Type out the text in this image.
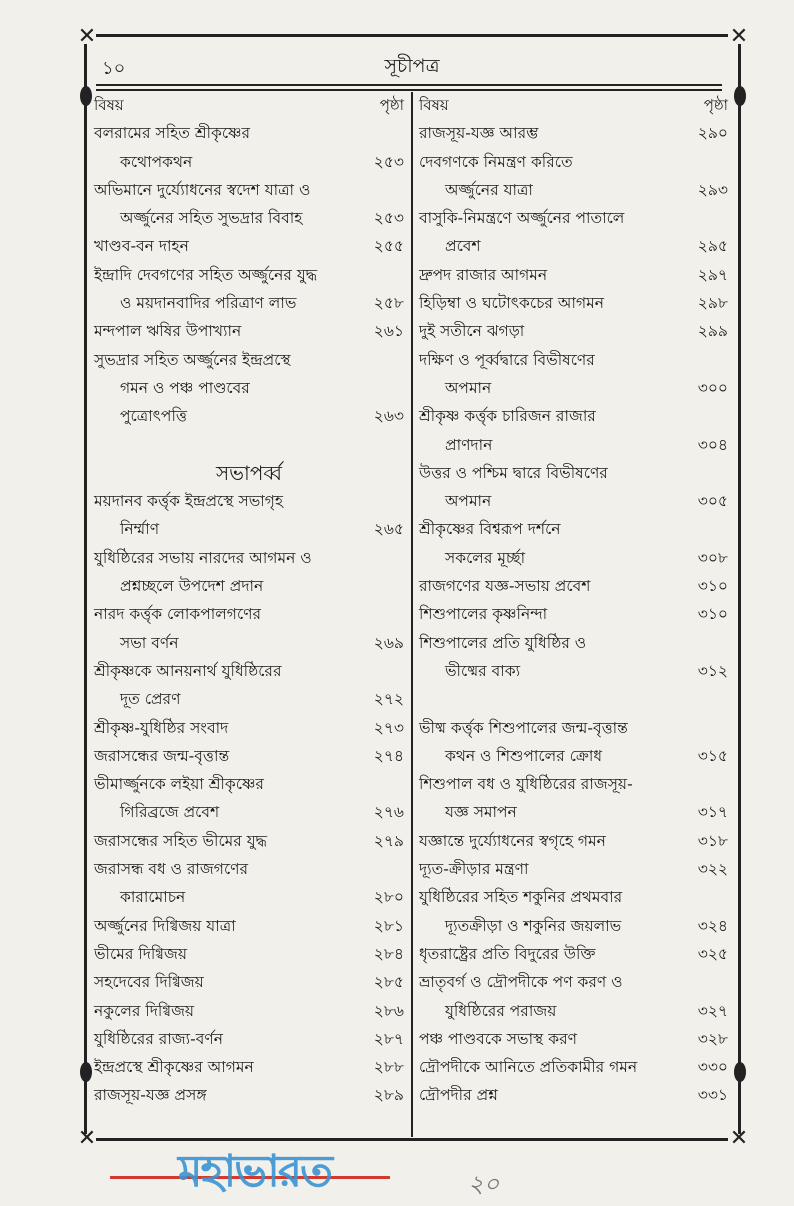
✕	✕
✕	✕
১০	সূচীপত্র
বিষয়	পৃষ্ঠা
বলরামের সহিত শ্রীকৃষ্ণের
কথোপকথন	২৫৩
অভিমানে দুর্য্যোধনের স্বদেশ যাত্রা ও
অর্জ্জুনের সহিত সুভদ্রার বিবাহ	২৫৩
খাণ্ডব-বন দাহন	২৫৫
ইন্দ্রাদি দেবগণের সহিত অর্জ্জুনের যুদ্ধ
ও ময়দানবাদির পরিত্রাণ লাভ	২৫৮
মন্দপাল ঋষির উপাখ্যান	২৬১
সুভদ্রার সহিত অর্জ্জুনের ইন্দ্রপ্রস্থে
গমন ও পঞ্চ পাণ্ডবের
পুত্রোৎপত্তি	২৬৩
সভাপর্ব্ব
ময়দানব কর্ত্তৃক ইন্দ্রপ্রস্থে সভাগৃহ
নির্ম্মাণ	২৬৫
যুধিষ্ঠিরের সভায় নারদের আগমন ও
প্রশ্নচ্ছলে উপদেশ প্রদান
নারদ কর্ত্তৃক লোকপালগণের
সভা বর্ণন	২৬৯
শ্রীকৃষ্ণকে আনয়নার্থ যুধিষ্ঠিরের
দূত প্রেরণ	২৭২
শ্রীকৃষ্ণ-যুধিষ্ঠির সংবাদ	২৭৩
জরাসন্ধের জন্ম-বৃত্তান্ত	২৭৪
ভীমার্জ্জুনকে লইয়া শ্রীকৃষ্ণের
গিরিব্রজে প্রবেশ	২৭৬
জরাসন্ধের সহিত ভীমের যুদ্ধ	২৭৯
জরাসন্ধ বধ ও রাজগণের
কারামোচন	২৮০
অর্জ্জুনের দিগ্বিজয় যাত্রা	২৮১
ভীমের দিগ্বিজয়	২৮৪
সহদেবের দিগ্বিজয়	২৮৫
নকুলের দিগ্বিজয়	২৮৬
যুধিষ্ঠিরের রাজ্য-বর্ণন	২৮৭
ইন্দ্রপ্রস্থে শ্রীকৃষ্ণের আগমন	২৮৮
রাজসূয়-যজ্ঞ প্রসঙ্গ	২৮৯
বিষয়	পৃষ্ঠা
রাজসূয়-যজ্ঞ আরম্ভ	২৯০
দেবগণকে নিমন্ত্রণ করিতে
অর্জ্জুনের যাত্রা	২৯৩
বাসুকি-নিমন্ত্রণে অর্জ্জুনের পাতালে
প্রবেশ	২৯৫
দ্রুপদ রাজার আগমন	২৯৭
হিড়িম্বা ও ঘটোৎকচের আগমন	২৯৮
দুই সতীনে ঝগড়া	২৯৯
দক্ষিণ ও পূর্ব্বদ্বারে বিভীষণের
অপমান	৩০০
শ্রীকৃষ্ণ কর্ত্তৃক চারিজন রাজার
প্রাণদান	৩০৪
উত্তর ও পশ্চিম দ্বারে বিভীষণের
অপমান	৩০৫
শ্রীকৃষ্ণের বিশ্বরূপ দর্শনে
সকলের মূর্চ্ছা	৩০৮
রাজগণের যজ্ঞ-সভায় প্রবেশ	৩১০
শিশুপালের কৃষ্ণনিন্দা	৩১০
শিশুপালের প্রতি যুধিষ্ঠির ও
ভীষ্মের বাক্য	৩১২
ভীষ্ম কর্ত্তৃক শিশুপালের জন্ম-বৃত্তান্ত
কথন ও শিশুপালের ক্রোধ	৩১৫
শিশুপাল বধ ও যুধিষ্ঠিরের রাজসূয়-
যজ্ঞ সমাপন	৩১৭
যজ্ঞান্তে দুর্য্যোধনের স্বগৃহে গমন	৩১৮
দ্যূত-ক্রীড়ার মন্ত্রণা	৩২২
যুধিষ্ঠিরের সহিত শকুনির প্রথমবার
দ্যূতক্রীড়া ও শকুনির জয়লাভ	৩২৪
ধৃতরাষ্ট্রের প্রতি বিদুরের উক্তি	৩২৫
ভ্রাতৃবর্গ ও দ্রৌপদীকে পণ করণ ও
যুধিষ্ঠিরের পরাজয়	৩২৭
পঞ্চ পাণ্ডবকে সভাস্থ করণ	৩২৮
দ্রৌপদীকে আনিতে প্রতিকামীর গমন	৩৩০
দ্রৌপদীর প্রশ্ন	৩৩১
মহাভারত	২০
